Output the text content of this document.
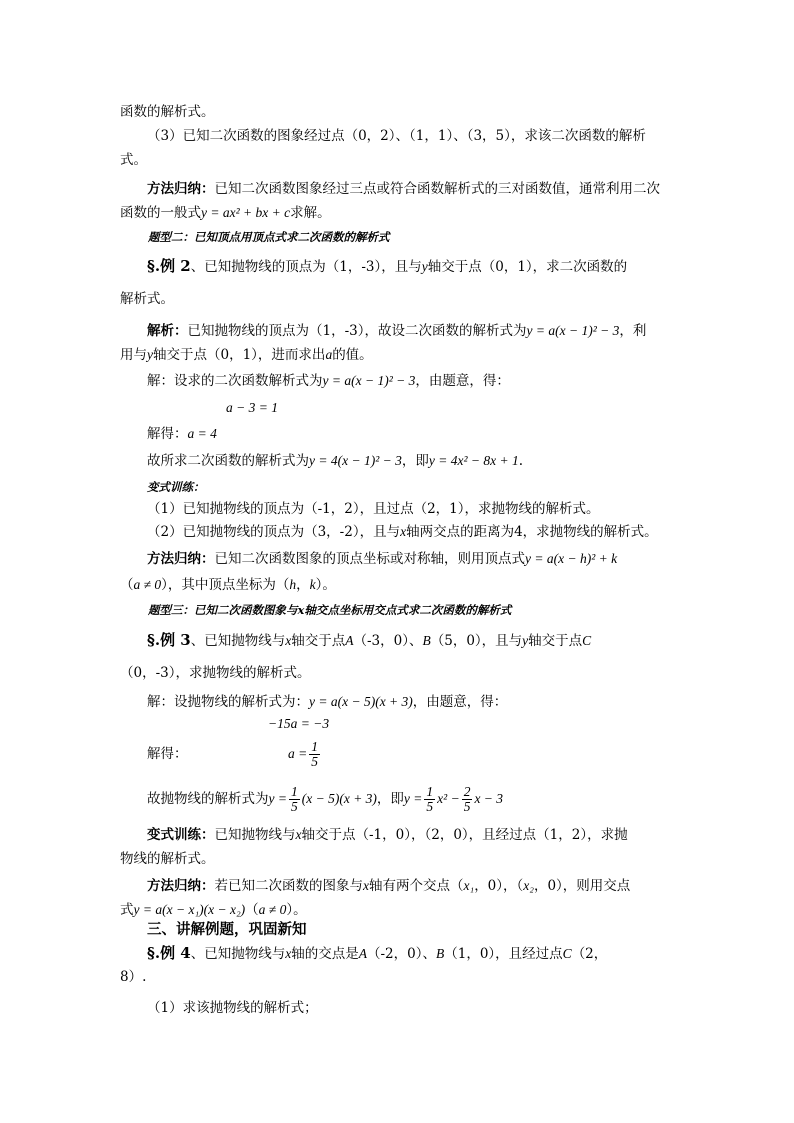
函数的解析式。
（3）已知二次函数的图象经过点（0，2）、（1，1）、（3，5），求该二次函数的解析
式。
方法归纳：已知二次函数图象经过三点或符合函数解析式的三对函数值，通常利用二次
函数的一般式y = ax² + bx + c求解。
题型二：已知顶点用顶点式求二次函数的解析式
§.例 2、已知抛物线的顶点为（1，-3），且与y轴交于点（0，1），求二次函数的
解析式。
解析：已知抛物线的顶点为（1，-3），故设二次函数的解析式为y = a(x − 1)² − 3，利
用与y轴交于点（0，1），进而求出a的值。
解：设求的二次函数解析式为y = a(x − 1)² − 3，由题意，得：
a − 3 = 1
解得：a = 4
故所求二次函数的解析式为y = 4(x − 1)² − 3，即y = 4x² − 8x + 1.
变式训练：
（1）已知抛物线的顶点为（-1，2），且过点（2，1），求抛物线的解析式。
（2）已知抛物线的顶点为（3，-2），且与x轴两交点的距离为4，求抛物线的解析式。
方法归纳：已知二次函数图象的顶点坐标或对称轴，则用顶点式y = a(x − h)² + k
（a ≠ 0），其中顶点坐标为（h，k）。
题型三：已知二次函数图象与x轴交点坐标用交点式求二次函数的解析式
§.例 3、已知抛物线与x轴交于点A（-3，0）、B（5，0），且与y轴交于点C
（0，-3），求抛物线的解析式。
解：设抛物线的解析式为：y = a(x − 5)(x + 3)，由题意，得：
−15a = −3
解得：	$a = \frac{1}{5}$
故抛物线的解析式为$y = \frac{1}{5} (x - 5)(x + 3)$，即$y = \frac{1}{5} x^2 - \frac{2}{5}$ x − 3
变式训练：已知抛物线与x轴交于点（-1，0），（2，0），且经过点（1，2），求抛
物线的解析式。
方法归纳：若已知二次函数的图象与x轴有两个交点（x₁，0），（x₂，0），则用交点
式y = a(x − x₁)(x − x₂)（a ≠ 0）。
三、讲解例题，巩固新知
§.例 4、已知抛物线与x轴的交点是A（-2，0）、B（1，0），且经过点C（2，
8）.
（1）求该抛物线的解析式；
